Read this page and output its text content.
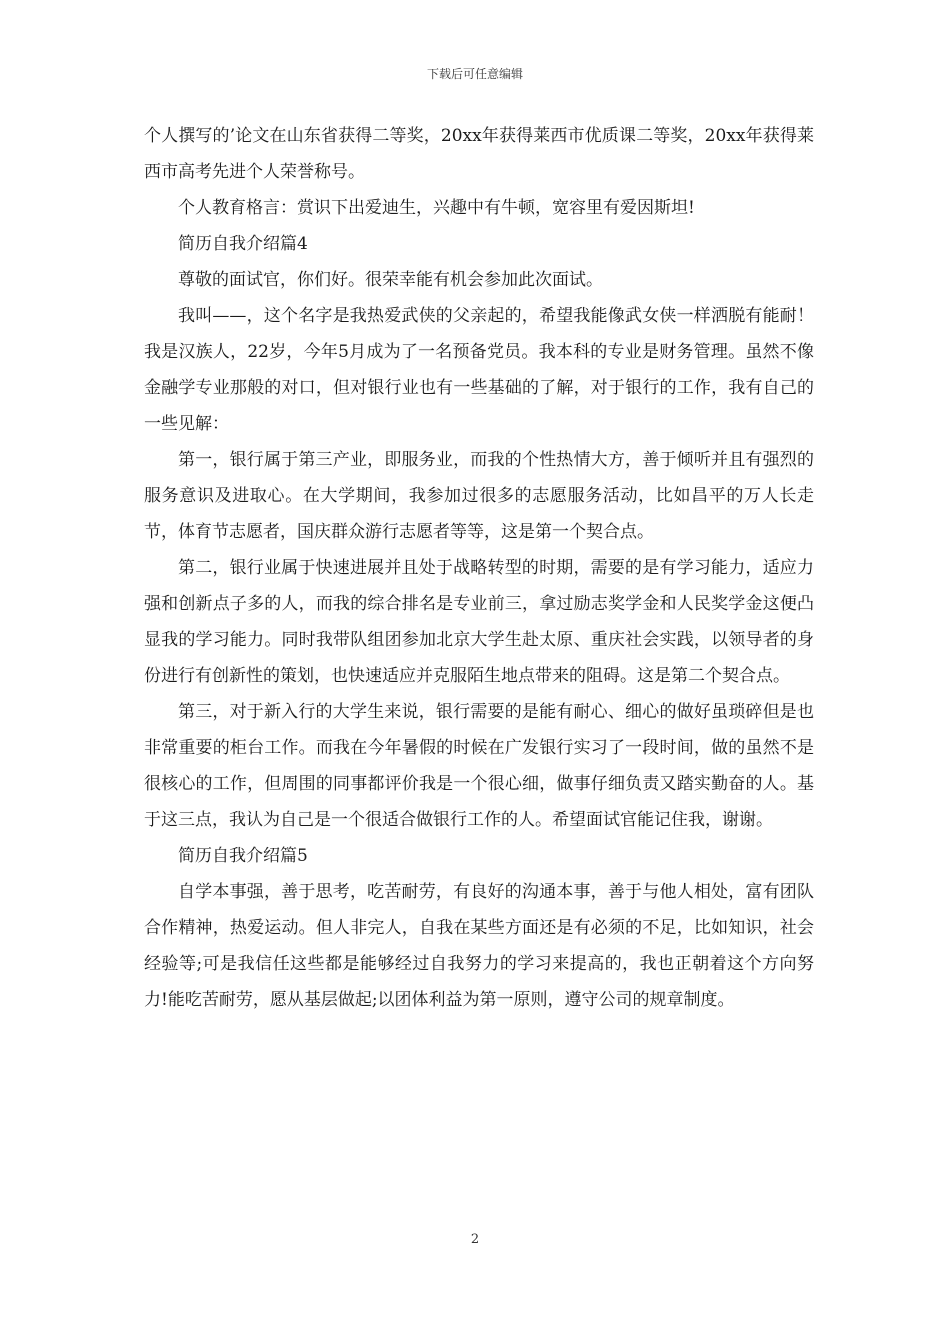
下载后可任意编辑

个人撰写的’论文在山东省获得二等奖，20xx年获得莱西市优质课二等奖，20xx年获得莱西市高考先进个人荣誉称号。

个人教育格言：赏识下出爱迪生，兴趣中有牛顿，宽容里有爱因斯坦!

简历自我介绍篇4

尊敬的面试官，你们好。很荣幸能有机会参加此次面试。

我叫——，这个名字是我热爱武侠的父亲起的，希望我能像武女侠一样洒脱有能耐！我是汉族人，22岁，今年5月成为了一名预备党员。我本科的专业是财务管理。虽然不像金融学专业那般的对口，但对银行业也有一些基础的了解，对于银行的工作，我有自己的一些见解：

第一，银行属于第三产业，即服务业，而我的个性热情大方，善于倾听并且有强烈的服务意识及进取心。在大学期间，我参加过很多的志愿服务活动，比如昌平的万人长走节，体育节志愿者，国庆群众游行志愿者等等，这是第一个契合点。

第二，银行业属于快速进展并且处于战略转型的时期，需要的是有学习能力，适应力强和创新点子多的人，而我的综合排名是专业前三，拿过励志奖学金和人民奖学金这便凸显我的学习能力。同时我带队组团参加北京大学生赴太原、重庆社会实践，以领导者的身份进行有创新性的策划，也快速适应并克服陌生地点带来的阻碍。这是第二个契合点。

第三，对于新入行的大学生来说，银行需要的是能有耐心、细心的做好虽琐碎但是也非常重要的柜台工作。而我在今年暑假的时候在广发银行实习了一段时间，做的虽然不是很核心的工作，但周围的同事都评价我是一个很心细，做事仔细负责又踏实勤奋的人。基于这三点，我认为自己是一个很适合做银行工作的人。希望面试官能记住我，谢谢。

简历自我介绍篇5

自学本事强，善于思考，吃苦耐劳，有良好的沟通本事，善于与他人相处，富有团队合作精神，热爱运动。但人非完人，自我在某些方面还是有必须的不足，比如知识，社会经验等;可是我信任这些都是能够经过自我努力的学习来提高的，我也正朝着这个方向努力!能吃苦耐劳，愿从基层做起;以团体利益为第一原则，遵守公司的规章制度。

2
